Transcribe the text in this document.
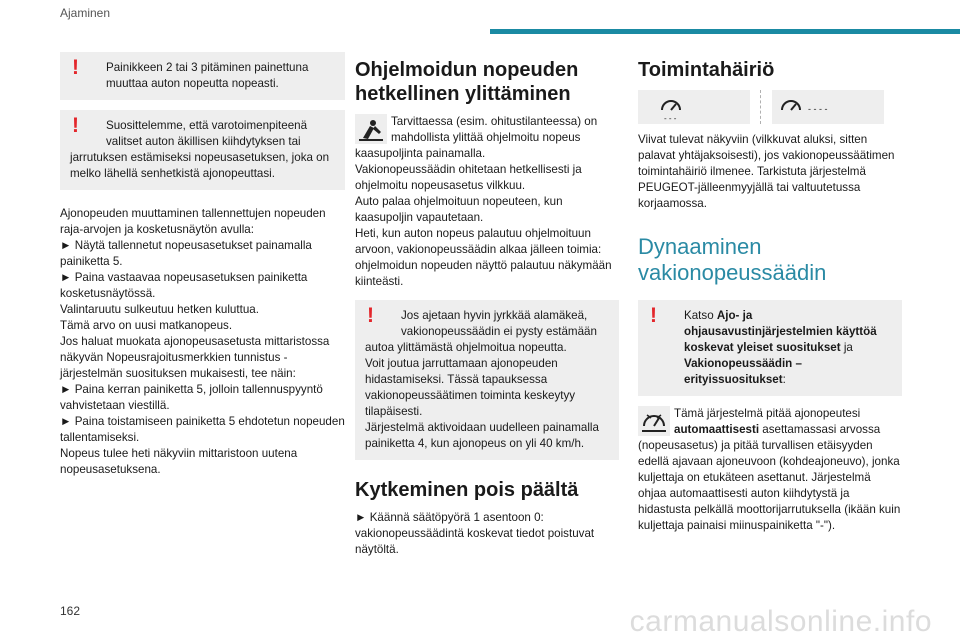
Ajaminen
!	Painikkeen 2 tai 3 pitäminen painettuna muuttaa auton nopeutta nopeasti.

!	Suosittelemme, että varotoimenpiteenä valitset auton äkillisen kiihdytyksen tai

jarrutuksen estämiseksi nopeusasetuksen, joka on melko lähellä senhetkistä ajonopeuttasi.

Ajonopeuden muuttaminen tallennettujen nopeuden raja-arvojen ja kosketusnäytön avulla:

► Näytä tallennetut nopeusasetukset painamalla painiketta 5.

► Paina vastaavaa nopeusasetuksen painiketta kosketusnäytössä.

Valintaruutu sulkeutuu hetken kuluttua.

Tämä arvo on uusi matkanopeus.

Jos haluat muokata ajonopeusasetusta mittaristossa näkyvän Nopeusrajoitusmerkkien tunnistus -järjestelmän suosituksen mukaisesti, tee näin:

► Paina kerran painiketta 5, jolloin tallennuspyyntö vahvistetaan viestillä.

► Paina toistamiseen painiketta 5 ehdotetun nopeuden tallentamiseksi.

Nopeus tulee heti näkyviin mittaristoon uutena nopeusasetuksena.

Ohjelmoidun nopeuden hetkellinen ylittäminen

Tarvittaessa (esim. ohitustilanteessa) on mahdollista ylittää ohjelmoitu nopeus

kaasupoljinta painamalla.

Vakionopeussäädin ohitetaan hetkellisesti ja ohjelmoitu nopeusasetus vilkkuu.

Auto palaa ohjelmoituun nopeuteen, kun kaasupoljin vapautetaan.

Heti, kun auton nopeus palautuu ohjelmoituun arvoon, vakionopeussäädin alkaa jälleen toimia: ohjelmoidun nopeuden näyttö palautuu näkymään kiinteästi.

!	Jos ajetaan hyvin jyrkkää alamäkeä, vakionopeussäädin ei pysty estämään

autoa ylittämästä ohjelmoitua nopeutta.

Voit joutua jarruttamaan ajonopeuden hidastamiseksi. Tässä tapauksessa vakionopeussäätimen toiminta keskeytyy tilapäisesti.

Järjestelmä aktivoidaan uudelleen painamalla painiketta 4, kun ajonopeus on yli 40 km/h.

Kytkeminen pois päältä

► Käännä säätöpyörä 1 asentoon 0: vakionopeussäädintä koskevat tiedot poistuvat näytöltä.

Toimintahäiriö
- - -
- - - -

Viivat tulevat näkyviin (vilkkuvat aluksi, sitten palavat yhtäjaksoisesti), jos vakionopeussäätimen toimintahäiriö ilmenee. Tarkistuta järjestelmä PEUGEOT-jälleenmyyjällä tai valtuutetussa korjaamossa.

Dynaaminen vakionopeussäädin
!	Katso Ajo- ja ohjausavustinjärjestelmien käyttöä koskevat yleiset suositukset ja Vakionopeussäädin – erityissuositukset:

Tämä järjestelmä pitää ajonopeutesi automaattisesti asettamassasi arvossa

(nopeusasetus) ja pitää turvallisen etäisyyden edellä ajavaan ajoneuvoon (kohdeajoneuvo), jonka kuljettaja on etukäteen asettanut. Järjestelmä ohjaa automaattisesti auton kiihdytystä ja hidastusta pelkällä moottorijarrutuksella (ikään kuin kuljettaja painaisi miinuspainiketta "-").

162	carmanualsonline.info
